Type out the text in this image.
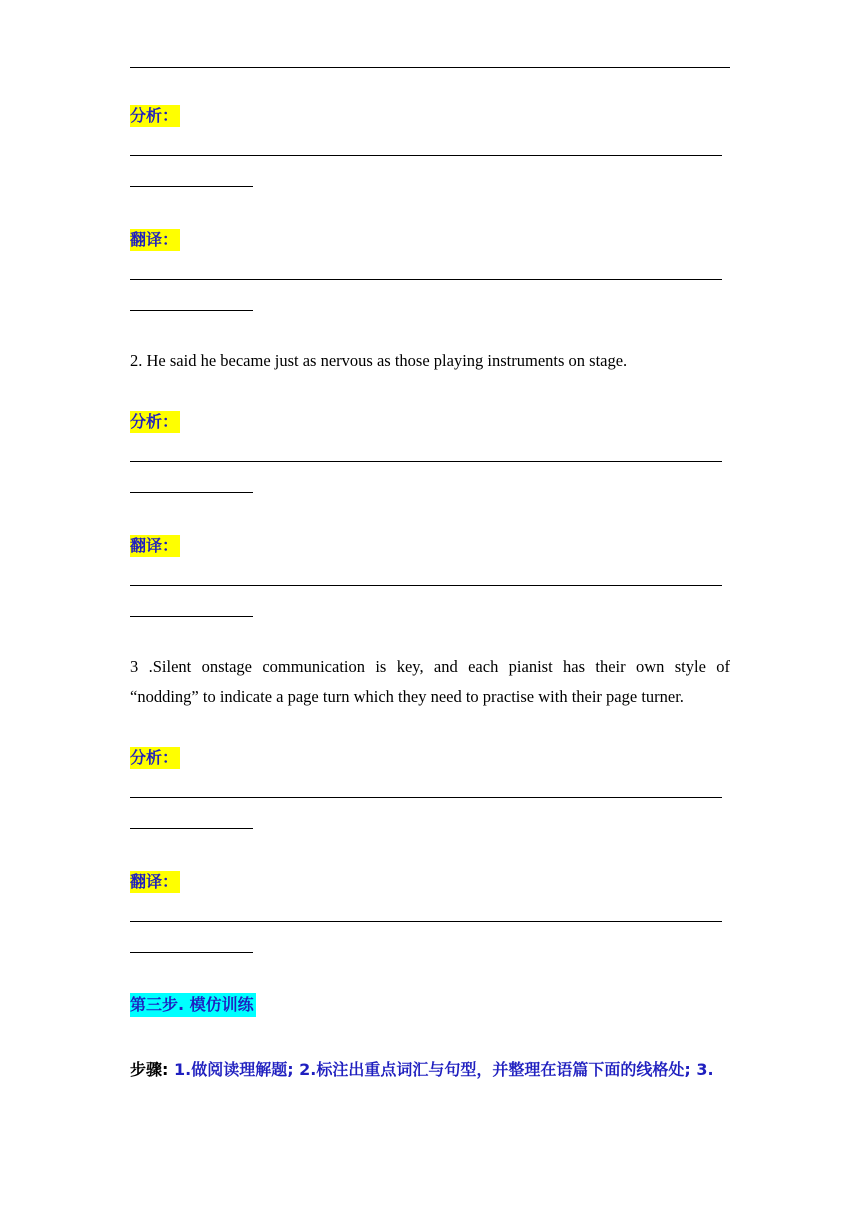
分析：
翻译：
2. He said he became just as nervous as those playing instruments on stage.
分析：
翻译：
3 .Silent onstage communication is key, and each pianist has their own style of
“nodding” to indicate a page turn which they need to practise with their page turner.
分析：
翻译：
第三步. 模仿训练
步骤: 1.做阅读理解题; 2.标注出重点词汇与句型，并整理在语篇下面的线格处; 3.
